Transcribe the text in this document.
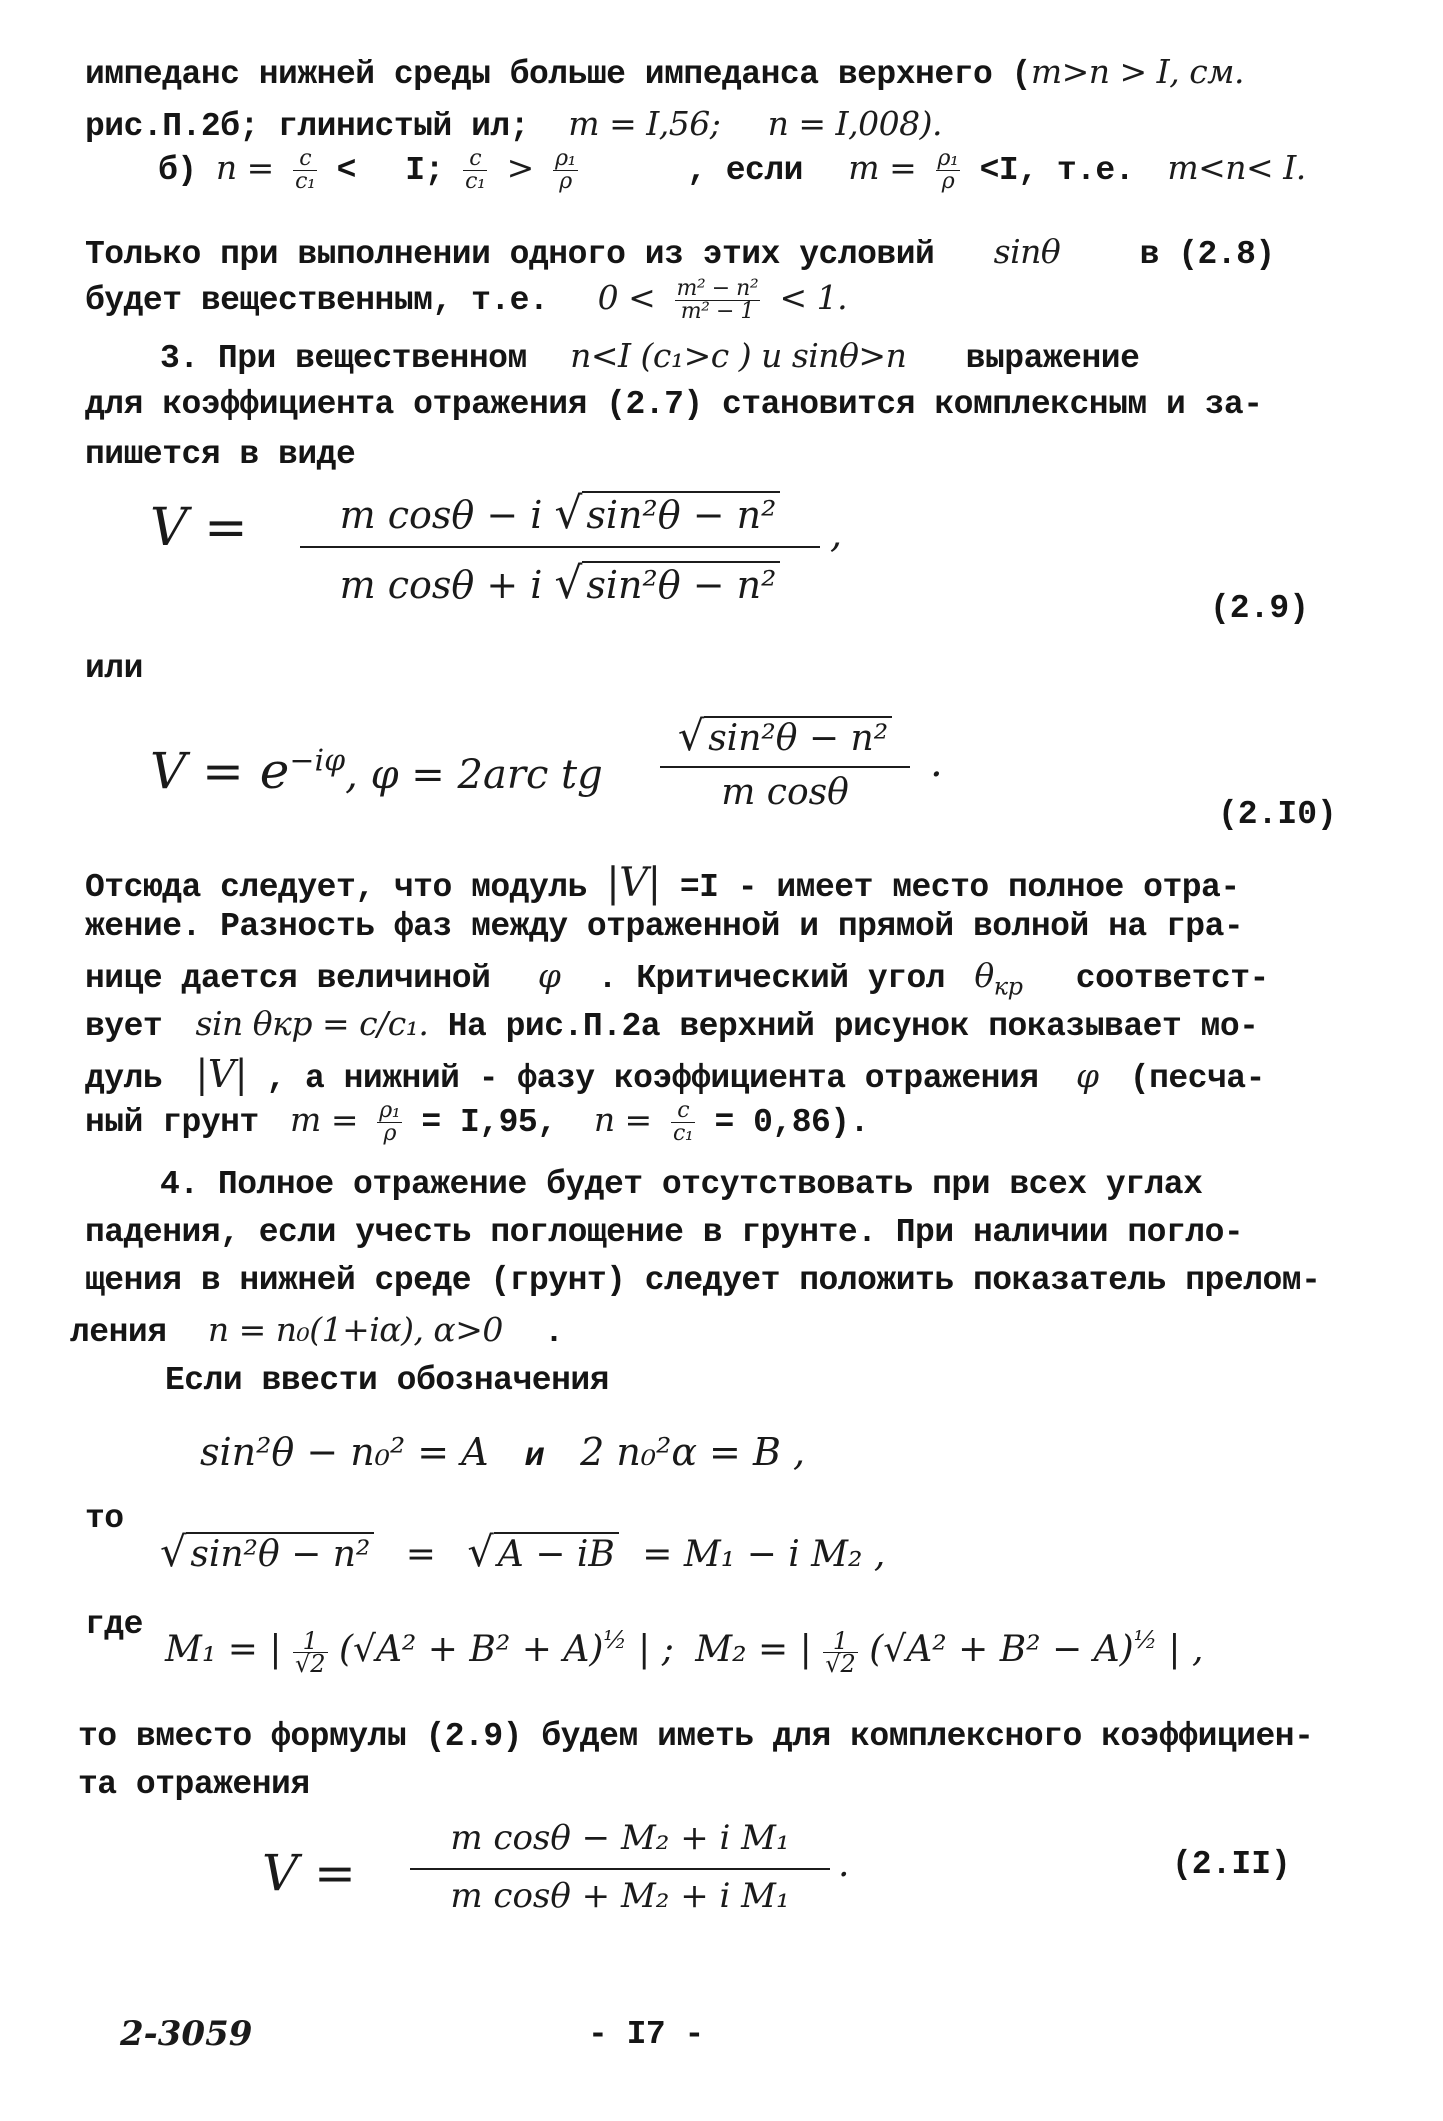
импеданс нижней среды больше импеданса верхнего (m>n > I, см.
рис.П.2б; глинистый ил; m = I,56; n = I,008).
б) $n = \frac{c}{\text{c₁}} < I$; $\frac{c}{\text{c₁}} > \frac{\text{ρ₁}}{\rho}$	, если $m = \frac{\text{ρ₁}}{\rho} <I$, т.е. m<n< I.
Только при выполнении одного из этих условий sinθ в (2.8)
будет вещественным, т.е. $0 < \frac{\text{m² − n²}}{\text{m² − 1}} < 1$.
3. При вещественном n<I (c₁>c ) и sinθ>n выражение
для коэффициента отражения (2.7) становится комплексным и за-
пишется в виде
V =	m cosθ − i √ sin²θ − n²
m cosθ + i √ sin²θ − n²
,
(2.9)
или
$V = e^{-i\varphi}$, φ = 2arc tg
√ sin²θ − n²
m cosθ
.
(2.I0)
Отсюда следует, что модуль |V| =I - имеет место полное отра-
жение. Разность фаз между отраженной и прямой волной на гра-
нице дается величиной φ . Критический угол $\theta_{кр}$ соответст-
вует sin θкр = c/c₁. На рис.П.2а верхний рисунок показывает мо-
дуль |V| , а нижний - фазу коэффициента отражения φ (песча-
ный грунт $m = \frac{\text{ρ₁}}{\rho} = I,95$, $n = \frac{c}{\text{c₁}} = 0,86$).
4. Полное отражение будет отсутствовать при всех углах
падения, если учесть поглощение в грунте. При наличии погло-
щения в нижней среде (грунт) следует положить показатель прелом-
ления n = n₀(1+iα), α>0 .
Если ввести обозначения
sin²θ − n₀² = A и 2 n₀²α = B ,
то
√ sin²θ − n² = √ A − iB = M₁ − i M₂ ,
где
M₁ = | $\frac{1}{√2} (√A^2 + B^2 + A)^{\frac{1}{2}}$ | ; M₂ = | $\frac{1}{√2} (√A^2 + B^2 - A)^{\frac{1}{2}}$ | ,
то вместо формулы (2.9) будем иметь для комплексного коэффициен-
та отражения
V =
m cosθ − M₂ + i M₁
m cosθ + M₂ + i M₁
.	(2.II)
2-3059	- I7 -
